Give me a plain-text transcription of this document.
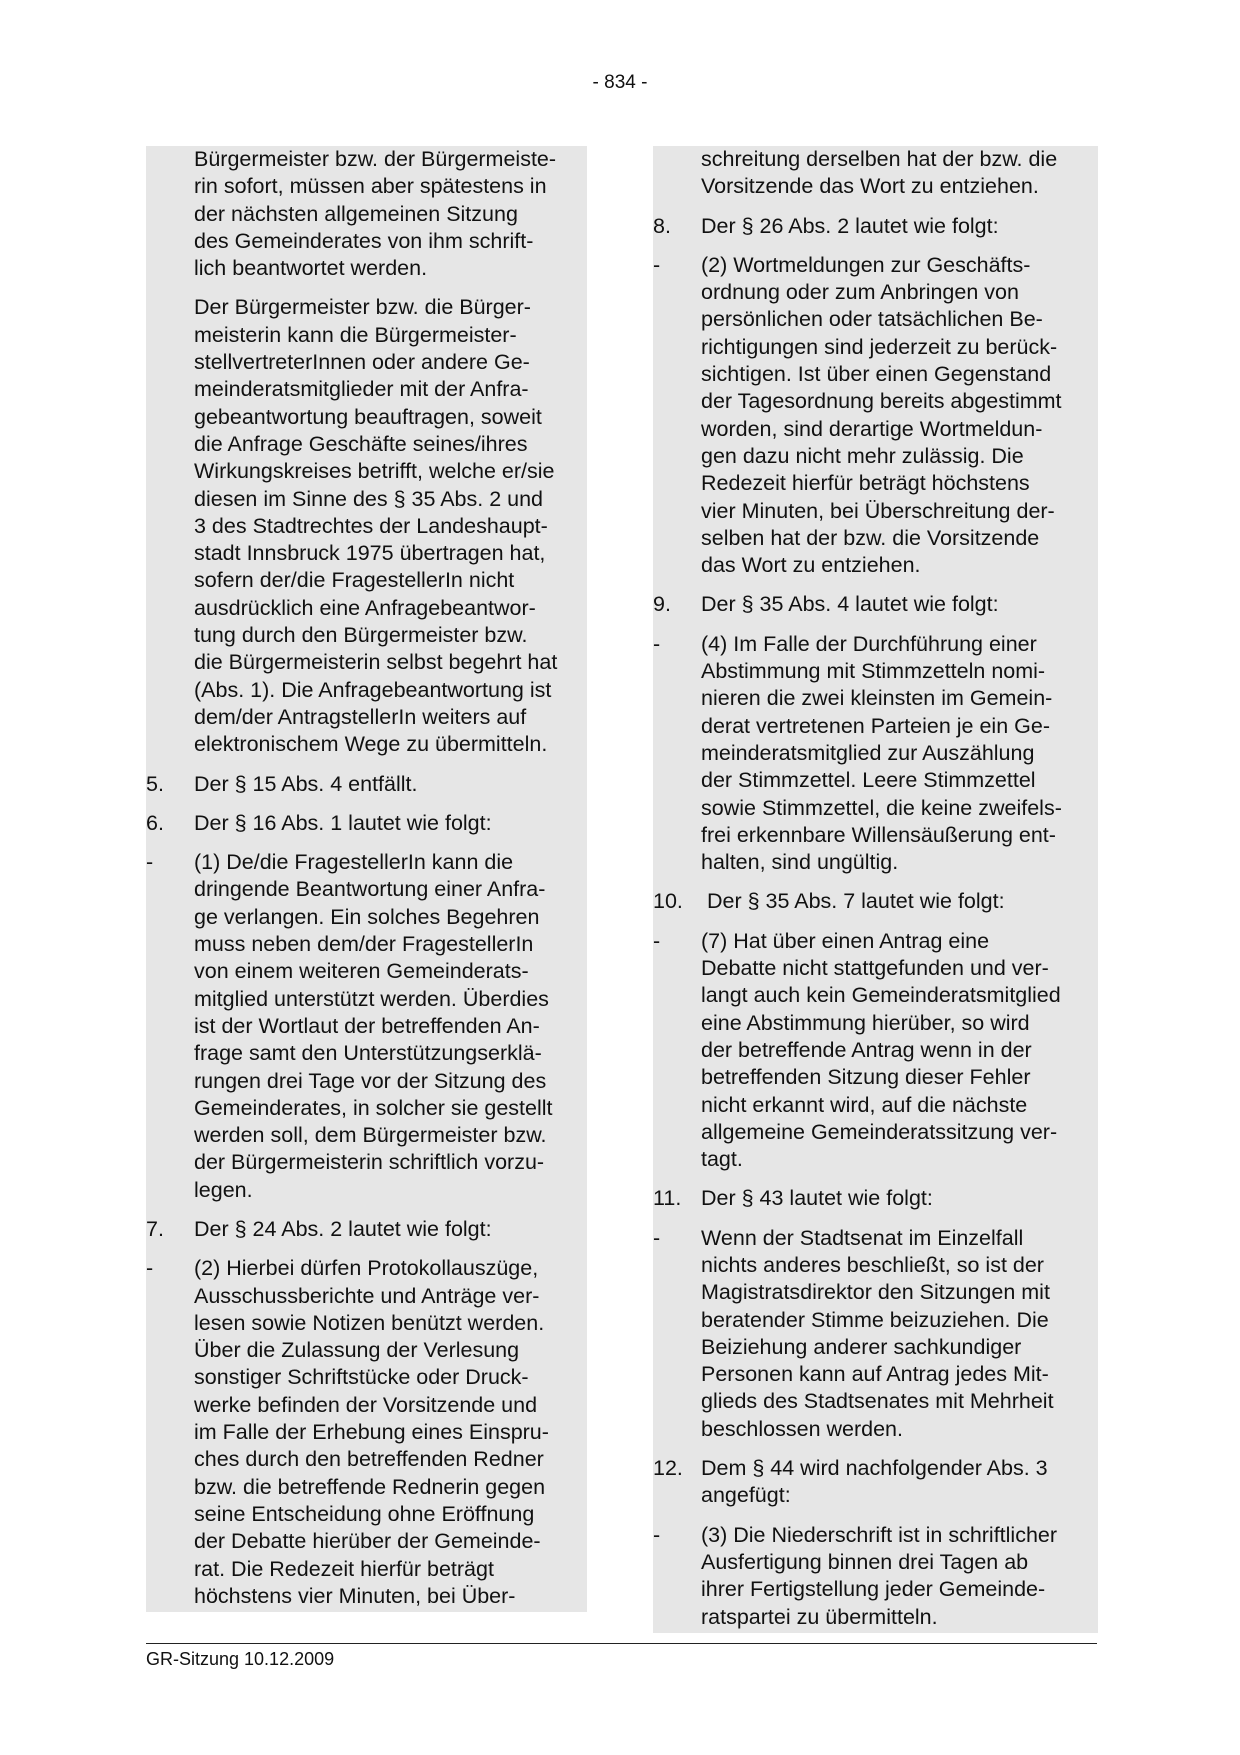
- 834 -
Bürgermeister bzw. der Bürgermeiste-
rin sofort, müssen aber spätestens in
der nächsten allgemeinen Sitzung
des Gemeinderates von ihm schrift-
lich beantwortet werden.
Der Bürgermeister bzw. die Bürger-
meisterin kann die Bürgermeister-
stellvertreterInnen oder andere Ge-
meinderatsmitglieder mit der Anfra-
gebeantwortung beauftragen, soweit
die Anfrage Geschäfte seines/ihres
Wirkungskreises betrifft, welche er/sie
diesen im Sinne des § 35 Abs. 2 und
3 des Stadtrechtes der Landeshaupt-
stadt Innsbruck 1975 übertragen hat,
sofern der/die FragestellerIn nicht
ausdrücklich eine Anfragebeantwor-
tung durch den Bürgermeister bzw.
die Bürgermeisterin selbst begehrt hat
(Abs. 1). Die Anfragebeantwortung ist
dem/der AntragstellerIn weiters auf
elektronischem Wege zu übermitteln.
5. Der § 15 Abs. 4 entfällt.
6. Der § 16 Abs. 1 lautet wie folgt:
- (1) De/die FragestellerIn kann die
dringende Beantwortung einer Anfra-
ge verlangen. Ein solches Begehren
muss neben dem/der FragestellerIn
von einem weiteren Gemeinderats-
mitglied unterstützt werden. Überdies
ist der Wortlaut der betreffenden An-
frage samt den Unterstützungserklä-
rungen drei Tage vor der Sitzung des
Gemeinderates, in solcher sie gestellt
werden soll, dem Bürgermeister bzw.
der Bürgermeisterin schriftlich vorzu-
legen.
7. Der § 24 Abs. 2 lautet wie folgt:
- (2) Hierbei dürfen Protokollauszüge,
Ausschussberichte und Anträge ver-
lesen sowie Notizen benützt werden.
Über die Zulassung der Verlesung
sonstiger Schriftstücke oder Druck-
werke befinden der Vorsitzende und
im Falle der Erhebung eines Einspru-
ches durch den betreffenden Redner
bzw. die betreffende Rednerin gegen
seine Entscheidung ohne Eröffnung
der Debatte hierüber der Gemeinde-
rat. Die Redezeit hierfür beträgt
höchstens vier Minuten, bei Über-
schreitung derselben hat der bzw. die
Vorsitzende das Wort zu entziehen.
8. Der § 26 Abs. 2 lautet wie folgt:
- (2) Wortmeldungen zur Geschäfts-
ordnung oder zum Anbringen von
persönlichen oder tatsächlichen Be-
richtigungen sind jederzeit zu berück-
sichtigen. Ist über einen Gegenstand
der Tagesordnung bereits abgestimmt
worden, sind derartige Wortmeldun-
gen dazu nicht mehr zulässig. Die
Redezeit hierfür beträgt höchstens
vier Minuten, bei Überschreitung der-
selben hat der bzw. die Vorsitzende
das Wort zu entziehen.
9. Der § 35 Abs. 4 lautet wie folgt:
- (4) Im Falle der Durchführung einer
Abstimmung mit Stimmzetteln nomi-
nieren die zwei kleinsten im Gemein-
derat vertretenen Parteien je ein Ge-
meinderatsmitglied zur Auszählung
der Stimmzettel. Leere Stimmzettel
sowie Stimmzettel, die keine zweifels-
frei erkennbare Willensäußerung ent-
halten, sind ungültig.
10. Der § 35 Abs. 7 lautet wie folgt:
- (7) Hat über einen Antrag eine
Debatte nicht stattgefunden und ver-
langt auch kein Gemeinderatsmitglied
eine Abstimmung hierüber, so wird
der betreffende Antrag wenn in der
betreffenden Sitzung dieser Fehler
nicht erkannt wird, auf die nächste
allgemeine Gemeinderatssitzung ver-
tagt.
11. Der § 43 lautet wie folgt:
- Wenn der Stadtsenat im Einzelfall
nichts anderes beschließt, so ist der
Magistratsdirektor den Sitzungen mit
beratender Stimme beizuziehen. Die
Beiziehung anderer sachkundiger
Personen kann auf Antrag jedes Mit-
glieds des Stadtsenates mit Mehrheit
beschlossen werden.
12. Dem § 44 wird nachfolgender Abs. 3
angefügt:
- (3) Die Niederschrift ist in schriftlicher
Ausfertigung binnen drei Tagen ab
ihrer Fertigstellung jeder Gemeinde-
ratspartei zu übermitteln.
GR-Sitzung 10.12.2009
